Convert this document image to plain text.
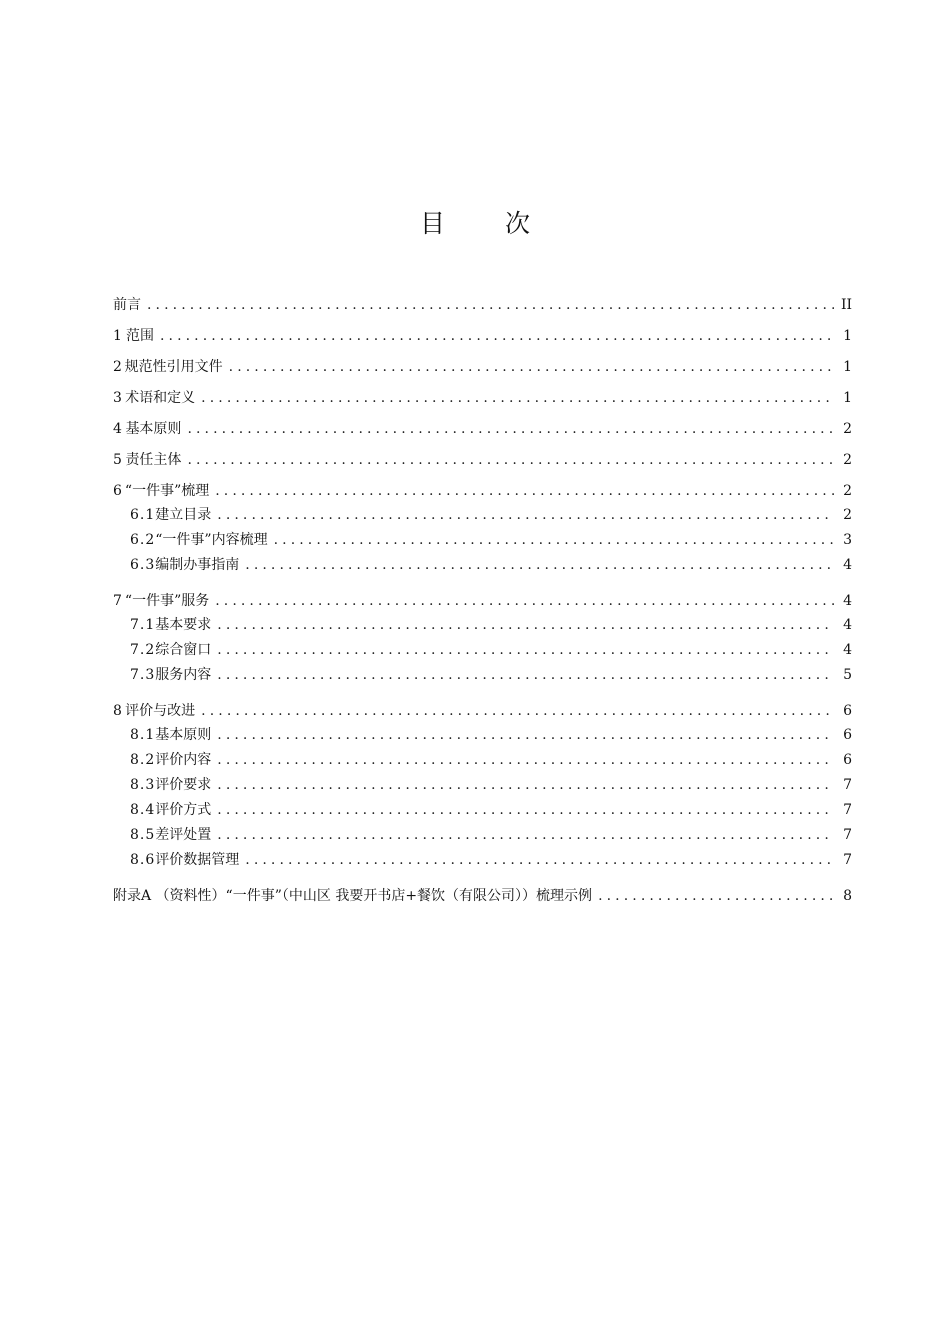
目 次
前言 .....	II
1 范围 .....	1
2 规范性引用文件 .....	1
3 术语和定义 .....	1
4 基本原则 .....	2
5 责任主体 .....	2
6 “一件事”梳理 .....	2
6.1 建立目录 .....	2
6.2 “一件事”内容梳理 .....	3
6.3 编制办事指南 .....	4
7 “一件事”服务 .....	4
7.1 基本要求 .....	4
7.2 综合窗口 .....	4
7.3 服务内容 .....	5
8 评价与改进 .....	6
8.1 基本原则 .....	6
8.2 评价内容 .....	6
8.3 评价要求 .....	7
8.4 评价方式 .....	7
8.5 差评处置 .....	7
8.6 评价数据管理 .....	7
附录A （资料性）“一件事”（中山区 我要开书店+餐饮（有限公司））梳理示例 .....	8
